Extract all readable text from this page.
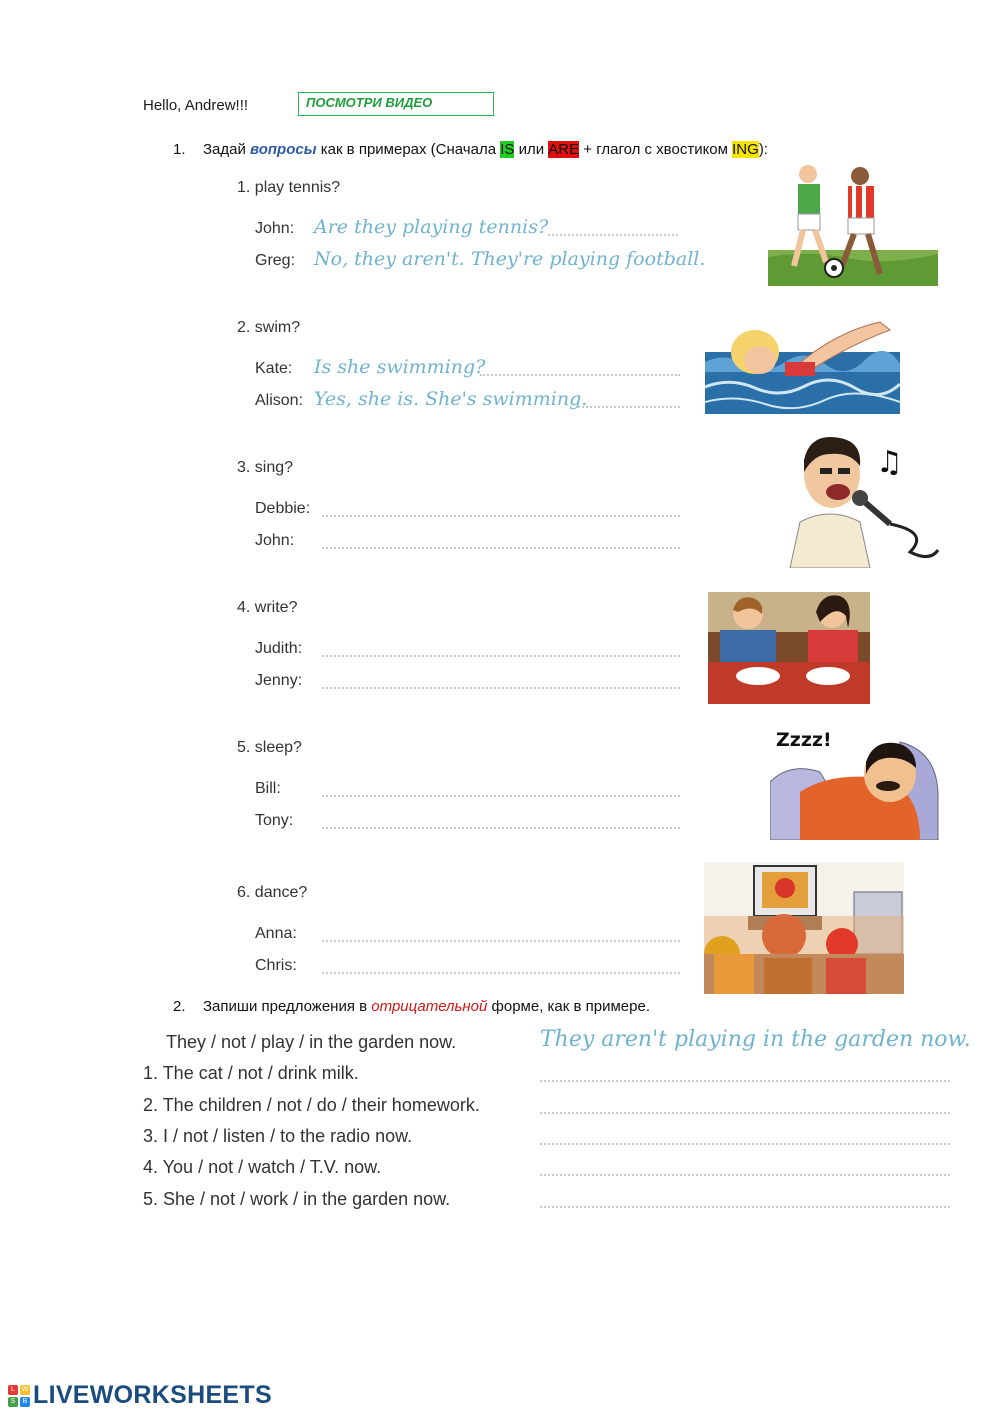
Hello, Andrew!!!	ПОСМОТРИ ВИДЕО
1. Задай вопросы как в примерах (Сначала IS или ARE + глагол с хвостиком ING):
1. play tennis?
John: Are they playing tennis?
Greg: No, they aren't. They're playing football.
2. swim?
Kate: Is she swimming?
Alison: Yes, she is. She's swimming.
3. sing?
Debbie:
John:
4. write?
Judith:
Jenny:
5. sleep?
Bill:
Tony:
6. dance?
Anna:
Chris:
♫
Zzzz!
2. Запиши предложения в отрицательной форме, как в примере.
They / not / play / in the garden now.	They aren't playing in the garden now.
1. The cat / not / drink milk.
2. The children / not / do / their homework.
3. I / not / listen / to the radio now.
4. You / not / watch / T.V. now.
5. She / not / work / in the garden now.
L W
S	B LIVEWORKSHEETS
